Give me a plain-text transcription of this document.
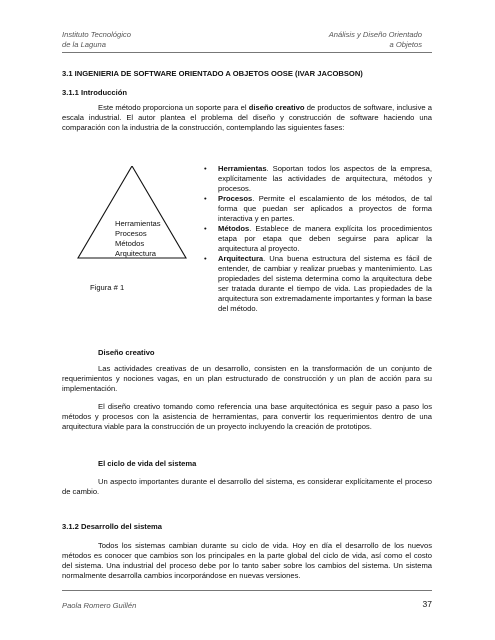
Instituto Tecnológico
de la Laguna
Análisis y Diseño Orientado
a Objetos
3.1 INGENIERIA DE SOFTWARE ORIENTADO A OBJETOS OOSE (IVAR JACOBSON)
3.1.1 Introducción
Este método proporciona un soporte para el diseño creativo de productos de software, inclusive a escala industrial. El autor plantea el problema del diseño y construcción de software haciendo una comparación con la industria de la construcción, contemplando las siguientes fases:
Herramientas
Procesos
Métodos
Arquitectura
Figura # 1
• Herramientas. Soportan todos los aspectos de la empresa, explícitamente las actividades de arquitectura, métodos y procesos.
• Procesos. Permite el escalamiento de los métodos, de tal forma que puedan ser aplicados a proyectos de forma interactiva y en partes.
• Métodos. Establece de manera explícita los procedimientos etapa por etapa que deben seguirse para aplicar la arquitectura al proyecto.
• Arquitectura. Una buena estructura del sistema es fácil de entender, de cambiar y realizar pruebas y mantenimiento. Las propiedades del sistema determina como la arquitectura debe ser tratada durante el tiempo de vida. Las propiedades de la arquitectura son extremadamente importantes y forman la base del método.
Diseño creativo
Las actividades creativas de un desarrollo, consisten en la transformación de un conjunto de requerimientos y nociones vagas, en un plan estructurado de construcción y un plan de acción para su implementación.
El diseño creativo tomando como referencia una base arquitectónica es seguir paso a paso los métodos y procesos con la asistencia de herramientas, para convertir los requerimientos dentro de una arquitectura viable para la construcción de un proyecto incluyendo la creación de prototipos.
El ciclo de vida del sistema
Un aspecto importantes durante el desarrollo del sistema, es considerar explícitamente el proceso de cambio.
3.1.2 Desarrollo del sistema
Todos los sistemas cambian durante su ciclo de vida. Hoy en día el desarrollo de los nuevos métodos es conocer que cambios son los principales en la parte global del ciclo de vida, así como el costo del sistema. Una industrial del proceso debe por lo tanto saber sobre los cambios del sistema. Un sistema normalmente desarrolla cambios incorporándose en nuevas versiones.
Paola Romero Guillén	37
